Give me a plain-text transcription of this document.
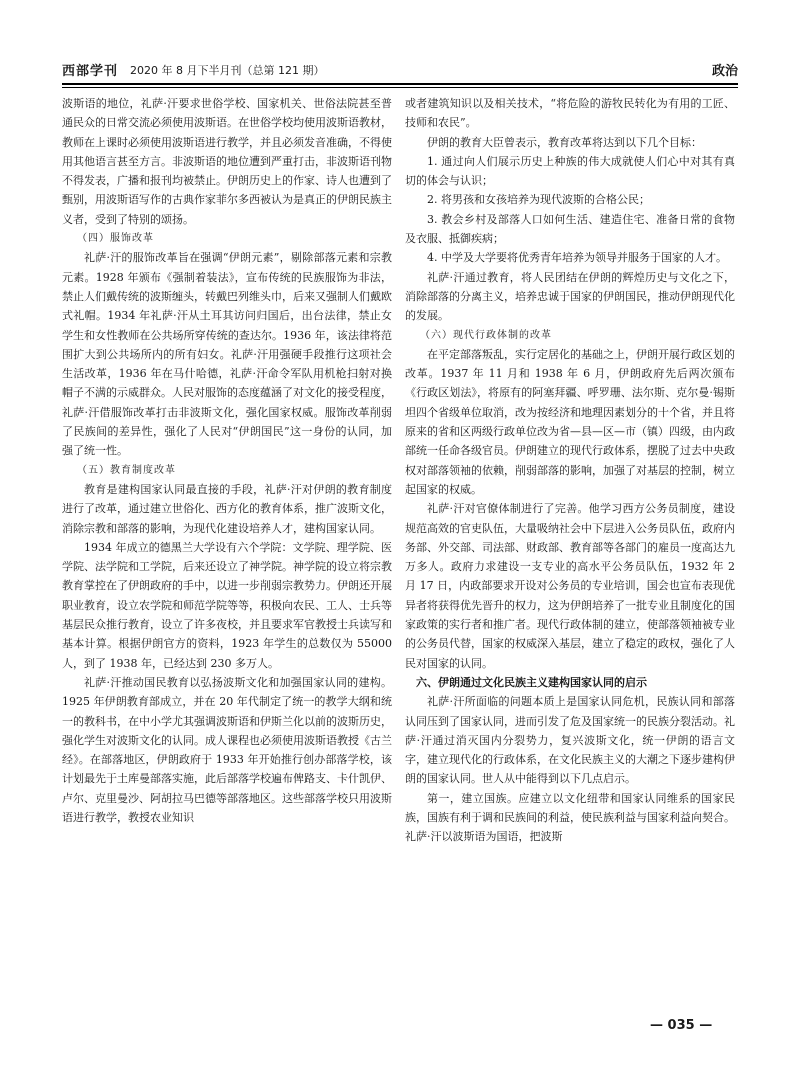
西部学刊 2020 年 8 月下半月刊（总第 121 期）	政治

波斯语的地位，礼萨·汗要求世俗学校、国家机关、世俗法院甚至普通民众的日常交流必须使用波斯语。在世俗学校均使用波斯语教材，教师在上课时必须使用波斯语进行教学，并且必须发音准确，不得使用其他语言甚至方言。非波斯语的地位遭到严重打击，非波斯语刊物不得发表，广播和报刊均被禁止。伊朗历史上的作家、诗人也遭到了甄别，用波斯语写作的古典作家菲尔多西被认为是真正的伊朗民族主义者，受到了特别的颂扬。

（四）服饰改革

礼萨·汗的服饰改革旨在强调“伊朗元素”，剔除部落元素和宗教元素。1928 年颁布《强制着装法》，宣布传统的民族服饰为非法，禁止人们戴传统的波斯缠头，转戴巴列维头巾，后来又强制人们戴欧式礼帽。1934 年礼萨·汗从土耳其访问归国后，出台法律，禁止女学生和女性教师在公共场所穿传统的查达尔。1936 年，该法律将范围扩大到公共场所内的所有妇女。礼萨·汗用强硬手段推行这项社会生活改革，1936 年在马什哈德，礼萨·汗命令军队用机枪扫射对换帽子不满的示威群众。人民对服饰的态度蕴涵了对文化的接受程度，礼萨·汗借服饰改革打击非波斯文化，强化国家权威。服饰改革削弱了民族间的差异性，强化了人民对“伊朗国民”这一身份的认同，加强了统一性。

（五）教育制度改革

教育是建构国家认同最直接的手段，礼萨·汗对伊朗的教育制度进行了改革，通过建立世俗化、西方化的教育体系，推广波斯文化，消除宗教和部落的影响，为现代化建设培养人才，建构国家认同。

1934 年成立的德黑兰大学设有六个学院：文学院、理学院、医学院、法学院和工学院，后来还设立了神学院。神学院的设立将宗教教育掌控在了伊朗政府的手中，以进一步削弱宗教势力。伊朗还开展职业教育，设立农学院和师范学院等等，积极向农民、工人、士兵等基层民众推行教育，设立了许多夜校，并且要求军官教授士兵读写和基本计算。根据伊朗官方的资料，1923 年学生的总数仅为 55000 人，到了 1938 年，已经达到 230 多万人。

礼萨·汗推动国民教育以弘扬波斯文化和加强国家认同的建构。1925 年伊朗教育部成立，并在 20 年代制定了统一的教学大纲和统一的教科书，在中小学尤其强调波斯语和伊斯兰化以前的波斯历史，强化学生对波斯文化的认同。成人课程也必须使用波斯语教授《古兰经》。在部落地区，伊朗政府于 1933 年开始推行创办部落学校，该计划最先于土库曼部落实施，此后部落学校遍布俾路支、卡什凯伊、卢尔、克里曼沙、阿胡拉马巴德等部落地区。这些部落学校只用波斯语进行教学，教授农业知识

或者建筑知识以及相关技术，“将危险的游牧民转化为有用的工匠、技师和农民”。

伊朗的教育大臣曾表示，教育改革将达到以下几个目标：

1. 通过向人们展示历史上种族的伟大成就使人们心中对其有真切的体会与认识；

2. 将男孩和女孩培养为现代波斯的合格公民；

3. 教会乡村及部落人口如何生活、建造住宅、准备日常的食物及衣服、抵御疾病；

4. 中学及大学要将优秀青年培养为领导并服务于国家的人才。

礼萨·汗通过教育，将人民团结在伊朗的辉煌历史与文化之下，消除部落的分离主义，培养忠诚于国家的伊朗国民，推动伊朗现代化的发展。

（六）现代行政体制的改革

在平定部落叛乱，实行定居化的基础之上，伊朗开展行政区划的改革。1937 年 11 月和 1938 年 6 月，伊朗政府先后两次颁布《行政区划法》，将原有的阿塞拜疆、呼罗珊、法尔斯、克尔曼·锡斯坦四个省级单位取消，改为按经济和地理因素划分的十个省，并且将原来的省和区两级行政单位改为省—县—区—市（镇）四级，由内政部统一任命各级官员。伊朗建立的现代行政体系，摆脱了过去中央政权对部落领袖的依赖，削弱部落的影响，加强了对基层的控制，树立起国家的权威。

礼萨·汗对官僚体制进行了完善。他学习西方公务员制度，建设规范高效的官吏队伍，大量吸纳社会中下层进入公务员队伍，政府内务部、外交部、司法部、财政部、教育部等各部门的雇员一度高达九万多人。政府力求建设一支专业的高水平公务员队伍，1932 年 2 月 17 日，内政部要求开设对公务员的专业培训，国会也宣布表现优异者将获得优先晋升的权力，这为伊朗培养了一批专业且制度化的国家政策的实行者和推广者。现代行政体制的建立，使部落领袖被专业的公务员代替，国家的权威深入基层，建立了稳定的政权，强化了人民对国家的认同。

六、伊朗通过文化民族主义建构国家认同的启示

礼萨·汗所面临的问题本质上是国家认同危机，民族认同和部落认同压到了国家认同，进而引发了危及国家统一的民族分裂活动。礼萨·汗通过消灭国内分裂势力，复兴波斯文化，统一伊朗的语言文字，建立现代化的行政体系，在文化民族主义的大潮之下逐步建构伊朗的国家认同。世人从中能得到以下几点启示。

第一，建立国族。应建立以文化纽带和国家认同维系的国家民族，国族有利于调和民族间的利益，使民族利益与国家利益向契合。礼萨·汗以波斯语为国语，把波斯

— 035 —
